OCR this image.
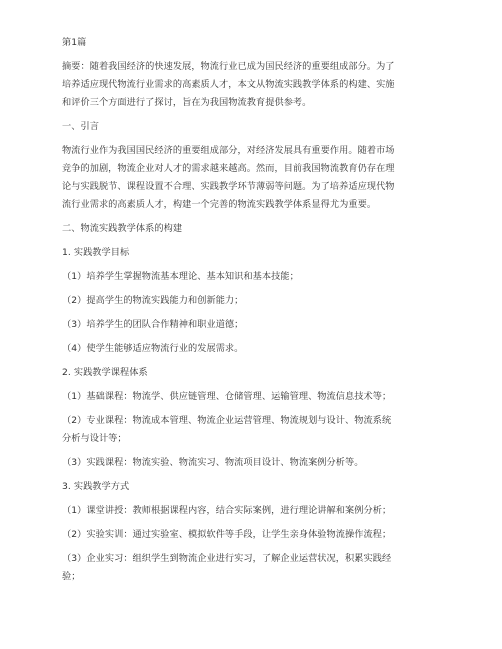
第1篇

摘要：随着我国经济的快速发展，物流行业已成为国民经济的重要组成部分。为了

培养适应现代物流行业需求的高素质人才，本文从物流实践教学体系的构建、实施

和评价三个方面进行了探讨，旨在为我国物流教育提供参考。

一、引言

物流行业作为我国国民经济的重要组成部分，对经济发展具有重要作用。随着市场

竞争的加剧，物流企业对人才的需求越来越高。然而，目前我国物流教育仍存在理

论与实践脱节、课程设置不合理、实践教学环节薄弱等问题。为了培养适应现代物

流行业需求的高素质人才，构建一个完善的物流实践教学体系显得尤为重要。

二、物流实践教学体系的构建

1. 实践教学目标

（1）培养学生掌握物流基本理论、基本知识和基本技能；

（2）提高学生的物流实践能力和创新能力；

（3）培养学生的团队合作精神和职业道德；

（4）使学生能够适应物流行业的发展需求。

2. 实践教学课程体系

（1）基础课程：物流学、供应链管理、仓储管理、运输管理、物流信息技术等；

（2）专业课程：物流成本管理、物流企业运营管理、物流规划与设计、物流系统

分析与设计等；

（3）实践课程：物流实验、物流实习、物流项目设计、物流案例分析等。

3. 实践教学方式

（1）课堂讲授：教师根据课程内容，结合实际案例，进行理论讲解和案例分析；

（2）实验实训：通过实验室、模拟软件等手段，让学生亲身体验物流操作流程；

（3）企业实习：组织学生到物流企业进行实习，了解企业运营状况，积累实践经

验；
